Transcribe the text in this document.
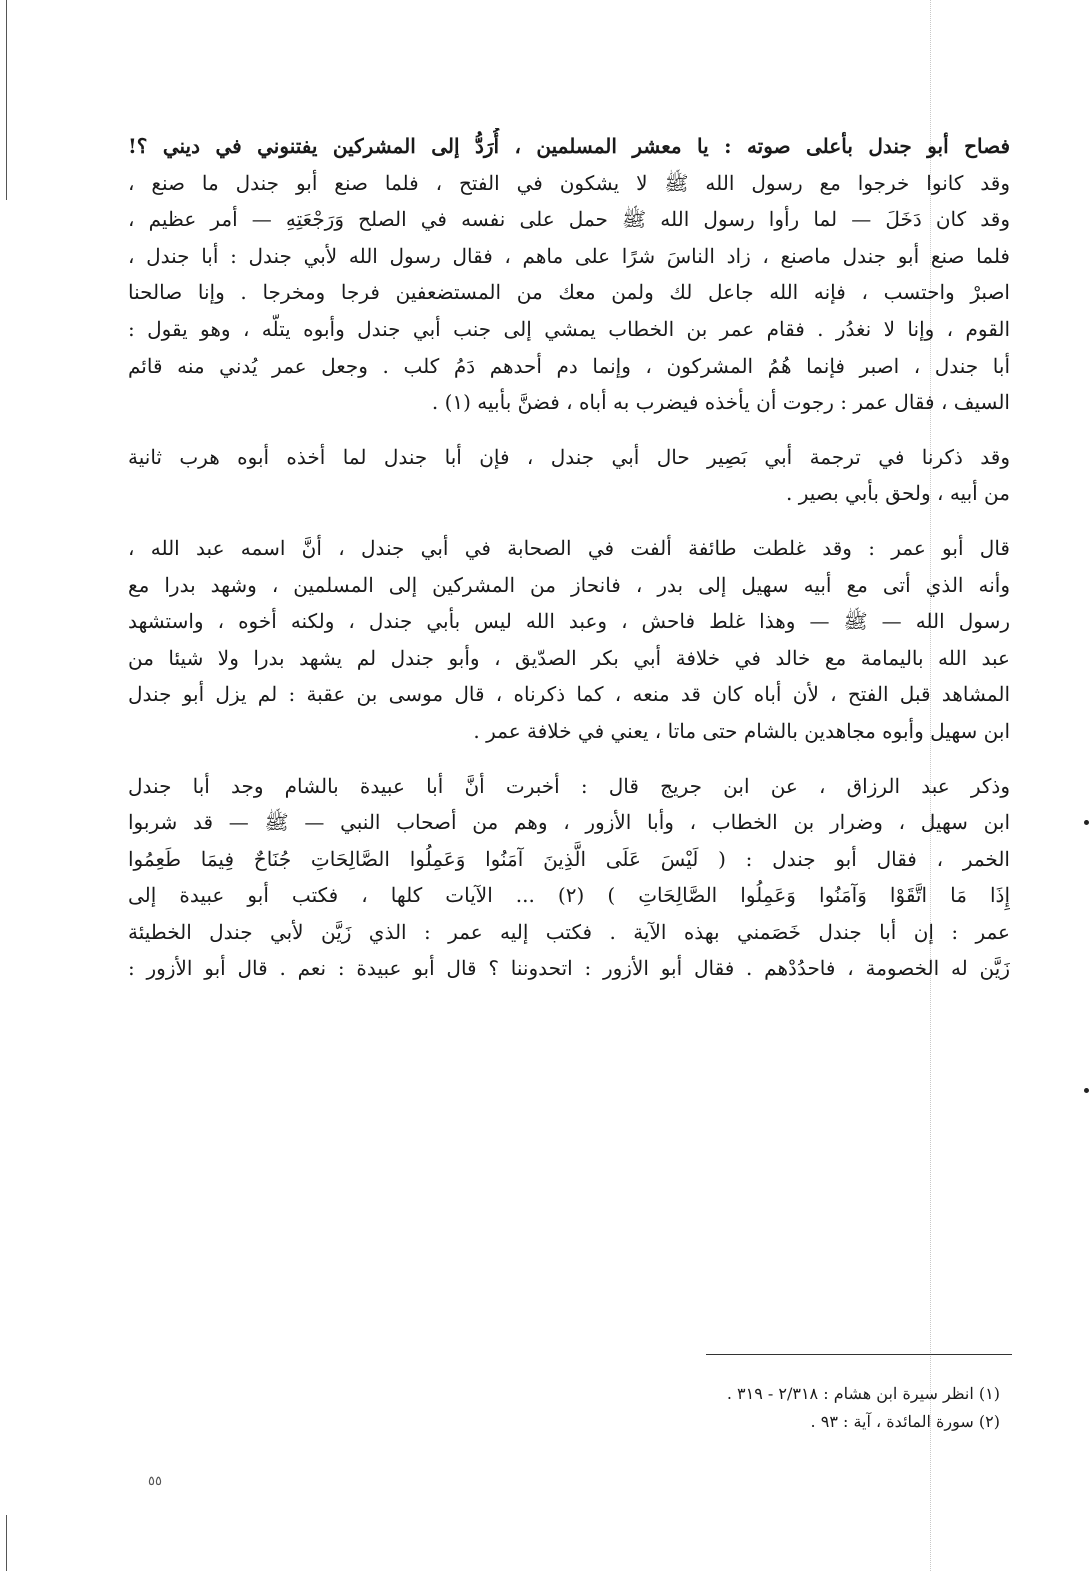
فصاح أبو جندل بأعلى صوته : يا معشر المسلمين ، أُرَدُّ إلى المشركين يفتنوني في ديني ؟!

وقد كانوا خرجوا مع رسول الله ﷺ لا يشكون في الفتح ، فلما صنع أبو جندل ما صنع ،

وقد كان دَخَلَ — لما رأوا رسول الله ﷺ حمل على نفسه في الصلح وَرَجْعَتِهِ — أمر عظيم ،

فلما صنع أبو جندل ماصنع ، زاد الناسَ شرًا على ماهم ، فقال رسول الله لأبي جندل : أبا جندل ،

اصبرْ واحتسب ، فإنه الله جاعل لك ولمن معك من المستضعفين فرجا ومخرجا . وإنا صالحنا

القوم ، وإنا لا نغدُر . فقام عمر بن الخطاب يمشي إلى جنب أبي جندل وأبوه يتلّه ، وهو يقول :

أبا جندل ، اصبر فإنما هُمُ المشركون ، وإنما دم أحدهم دَمُ كلب . وجعل عمر يُدني منه قائم

السيف ، فقال عمر : رجوت أن يأخذه فيضرب به أباه ، فضنَّ بأبيه (١) .

وقد ذكرنا في ترجمة أبي بَصِير حال أبي جندل ، فإن أبا جندل لما أخذه أبوه هرب ثانية

من أبيه ، ولحق بأبي بصير .

قال أبو عمر : وقد غلطت طائفة ألفت في الصحابة في أبي جندل ، أنَّ اسمه عبد الله ،

وأنه الذي أتى مع أبيه سهيل إلى بدر ، فانحاز من المشركين إلى المسلمين ، وشهد بدرا مع

رسول الله — ﷺ — وهذا غلط فاحش ، وعبد الله ليس بأبي جندل ، ولكنه أخوه ، واستشهد

عبد الله باليمامة مع خالد في خلافة أبي بكر الصدّيق ، وأبو جندل لم يشهد بدرا ولا شيئا من

المشاهد قبل الفتح ، لأن أباه كان قد منعه ، كما ذكرناه ، قال موسى بن عقبة : لم يزل أبو جندل

ابن سهيل وأبوه مجاهدين بالشام حتى ماتا ، يعني في خلافة عمر .

وذكر عبد الرزاق ، عن ابن جريج قال : أخبرت أنَّ أبا عبيدة بالشام وجد أبا جندل

ابن سهيل ، وضرار بن الخطاب ، وأبا الأزور ، وهم من أصحاب النبي — ﷺ — قد شربوا

الخمر ، فقال أبو جندل : ( لَيْسَ عَلَى الَّذِينَ آمَنُوا وَعَمِلُوا الصَّالِحَاتِ جُنَاحٌ فِيمَا طَعِمُوا

إِذَا مَا اتَّقَوْا وَآمَنُوا وَعَمِلُوا الصَّالِحَاتِ ) (٢) ... الآيات كلها ، فكتب أبو عبيدة إلى

عمر : إن أبا جندل خَصَمني بهذه الآية . فكتب إليه عمر : الذي زَيَّن لأبي جندل الخطيئة

زَيَّن له الخصومة ، فاحدُدْهم . فقال أبو الأزور : اتحدوننا ؟ قال أبو عبيدة : نعم . قال أبو الأزور :

(١) انظر سيرة ابن هشام : ٢/٣١٨ - ٣١٩ .
(٢) سورة المائدة ، آية : ٩٣ .
٥٥
